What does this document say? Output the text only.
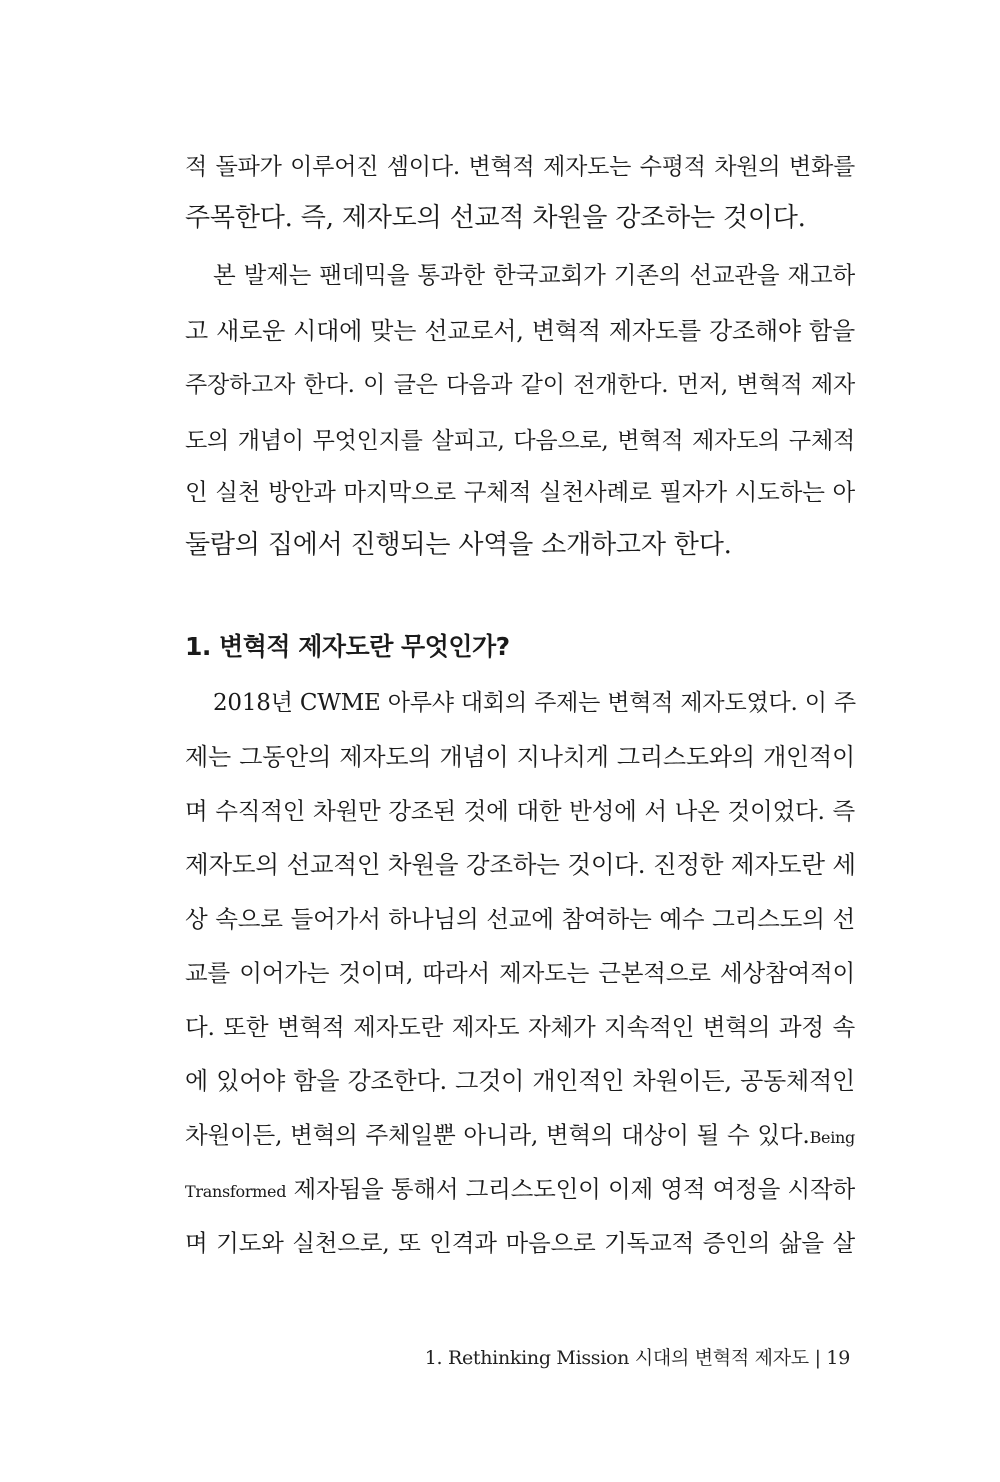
적 돌파가 이루어진 셈이다. 변혁적 제자도는 수평적 차원의 변화를
주목한다. 즉, 제자도의 선교적 차원을 강조하는 것이다.
본 발제는 팬데믹을 통과한 한국교회가 기존의 선교관을 재고하
고 새로운 시대에 맞는 선교로서, 변혁적 제자도를 강조해야 함을
주장하고자 한다. 이 글은 다음과 같이 전개한다. 먼저, 변혁적 제자
도의 개념이 무엇인지를 살피고, 다음으로, 변혁적 제자도의 구체적
인 실천 방안과 마지막으로 구체적 실천사례로 필자가 시도하는 아
둘람의 집에서 진행되는 사역을 소개하고자 한다.
1. 변혁적 제자도란 무엇인가?
2018년 CWME 아루샤 대회의 주제는 변혁적 제자도였다. 이 주
제는 그동안의 제자도의 개념이 지나치게 그리스도와의 개인적이
며 수직적인 차원만 강조된 것에 대한 반성에 서 나온 것이었다. 즉
제자도의 선교적인 차원을 강조하는 것이다. 진정한 제자도란 세
상 속으로 들어가서 하나님의 선교에 참여하는 예수 그리스도의 선
교를 이어가는 것이며, 따라서 제자도는 근본적으로 세상참여적이
다. 또한 변혁적 제자도란 제자도 자체가 지속적인 변혁의 과정 속
에 있어야 함을 강조한다. 그것이 개인적인 차원이든, 공동체적인
차원이든, 변혁의 주체일뿐 아니라, 변혁의 대상이 될 수 있다.Being
Transformed 제자됨을 통해서 그리스도인이 이제 영적 여정을 시작하
며 기도와 실천으로, 또 인격과 마음으로 기독교적 증인의 삶을 살
1. Rethinking Mission 시대의 변혁적 제자도 | 19
